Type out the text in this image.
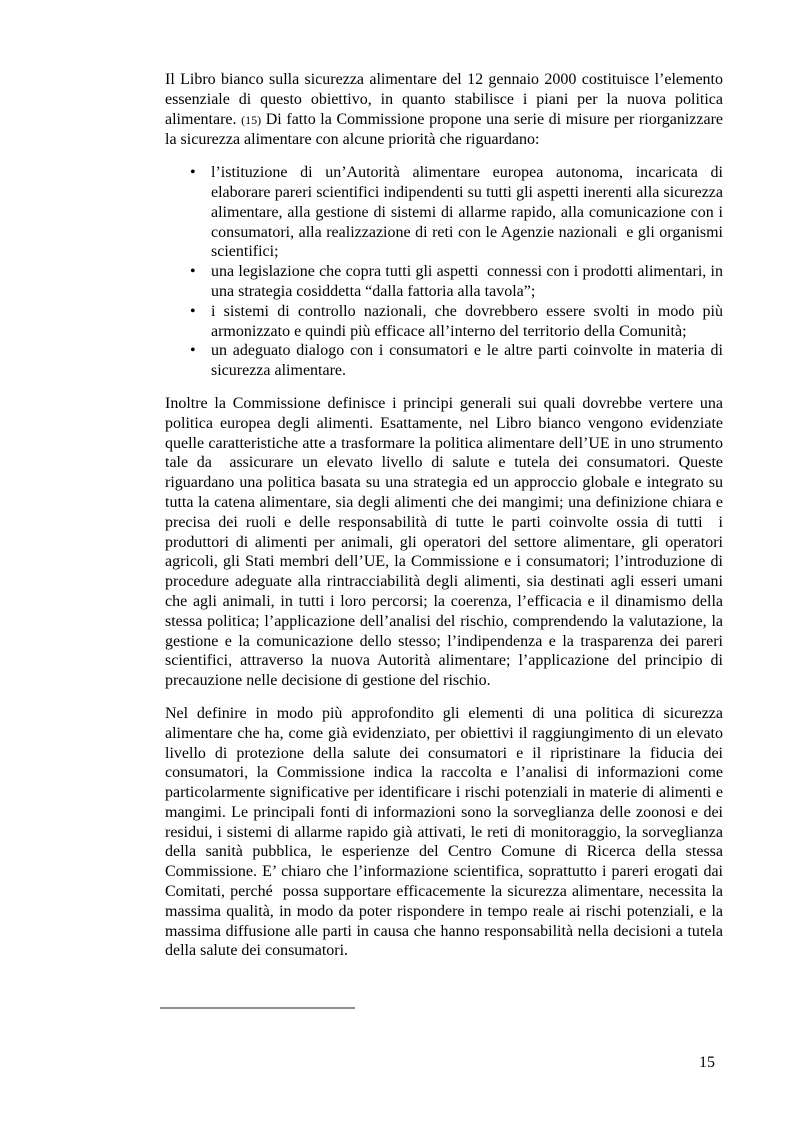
Il Libro bianco sulla sicurezza alimentare del 12 gennaio 2000 costituisce l’elemento essenziale di questo obiettivo, in quanto stabilisce i piani per la nuova politica alimentare. (15) Di fatto la Commissione propone una serie di misure per riorganizzare la sicurezza alimentare con alcune priorità che riguardano:

• l’istituzione di un’Autorità alimentare europea autonoma, incaricata di elaborare pareri scientifici indipendenti su tutti gli aspetti inerenti alla sicurezza alimentare, alla gestione di sistemi di allarme rapido, alla comunicazione con i consumatori, alla realizzazione di reti con le Agenzie nazionali  e gli organismi scientifici;
• una legislazione che copra tutti gli aspetti  connessi con i prodotti alimentari, in una strategia cosiddetta “dalla fattoria alla tavola”;
• i sistemi di controllo nazionali, che dovrebbero essere svolti in modo più armonizzato e quindi più efficace all’interno del territorio della Comunità;
• un adeguato dialogo con i consumatori e le altre parti coinvolte in materia di sicurezza alimentare.

Inoltre la Commissione definisce i principi generali sui quali dovrebbe vertere una politica europea degli alimenti. Esattamente, nel Libro bianco vengono evidenziate quelle caratteristiche atte a trasformare la politica alimentare dell’UE in uno strumento tale da  assicurare un elevato livello di salute e tutela dei consumatori. Queste riguardano una politica basata su una strategia ed un approccio globale e integrato su tutta la catena alimentare, sia degli alimenti che dei mangimi; una definizione chiara e precisa dei ruoli e delle responsabilità di tutte le parti coinvolte ossia di tutti  i produttori di alimenti per animali, gli operatori del settore alimentare, gli operatori agricoli, gli Stati membri dell’UE, la Commissione e i consumatori; l’introduzione di procedure adeguate alla rintracciabilità degli alimenti, sia destinati agli esseri umani che agli animali, in tutti i loro percorsi; la coerenza, l’efficacia e il dinamismo della stessa politica; l’applicazione dell’analisi del rischio, comprendendo la valutazione, la gestione e la comunicazione dello stesso; l’indipendenza e la trasparenza dei pareri scientifici, attraverso la nuova Autorità alimentare; l’applicazione del principio di precauzione nelle decisione di gestione del rischio.

Nel definire in modo più approfondito gli elementi di una politica di sicurezza alimentare che ha, come già evidenziato, per obiettivi il raggiungimento di un elevato livello di protezione della salute dei consumatori e il ripristinare la fiducia dei consumatori, la Commissione indica la raccolta e l’analisi di informazioni come particolarmente significative per identificare i rischi potenziali in materie di alimenti e mangimi. Le principali fonti di informazioni sono la sorveglianza delle zoonosi e dei residui, i sistemi di allarme rapido già attivati, le reti di monitoraggio, la sorveglianza della sanità pubblica, le esperienze del Centro Comune di Ricerca della stessa Commissione. E’ chiaro che l’informazione scientifica, soprattutto i pareri erogati dai Comitati, perché  possa supportare efficacemente la sicurezza alimentare, necessita la massima qualità, in modo da poter rispondere in tempo reale ai rischi potenziali, e la massima diffusione alle parti in causa che hanno responsabilità nella decisioni a tutela della salute dei consumatori.

15
